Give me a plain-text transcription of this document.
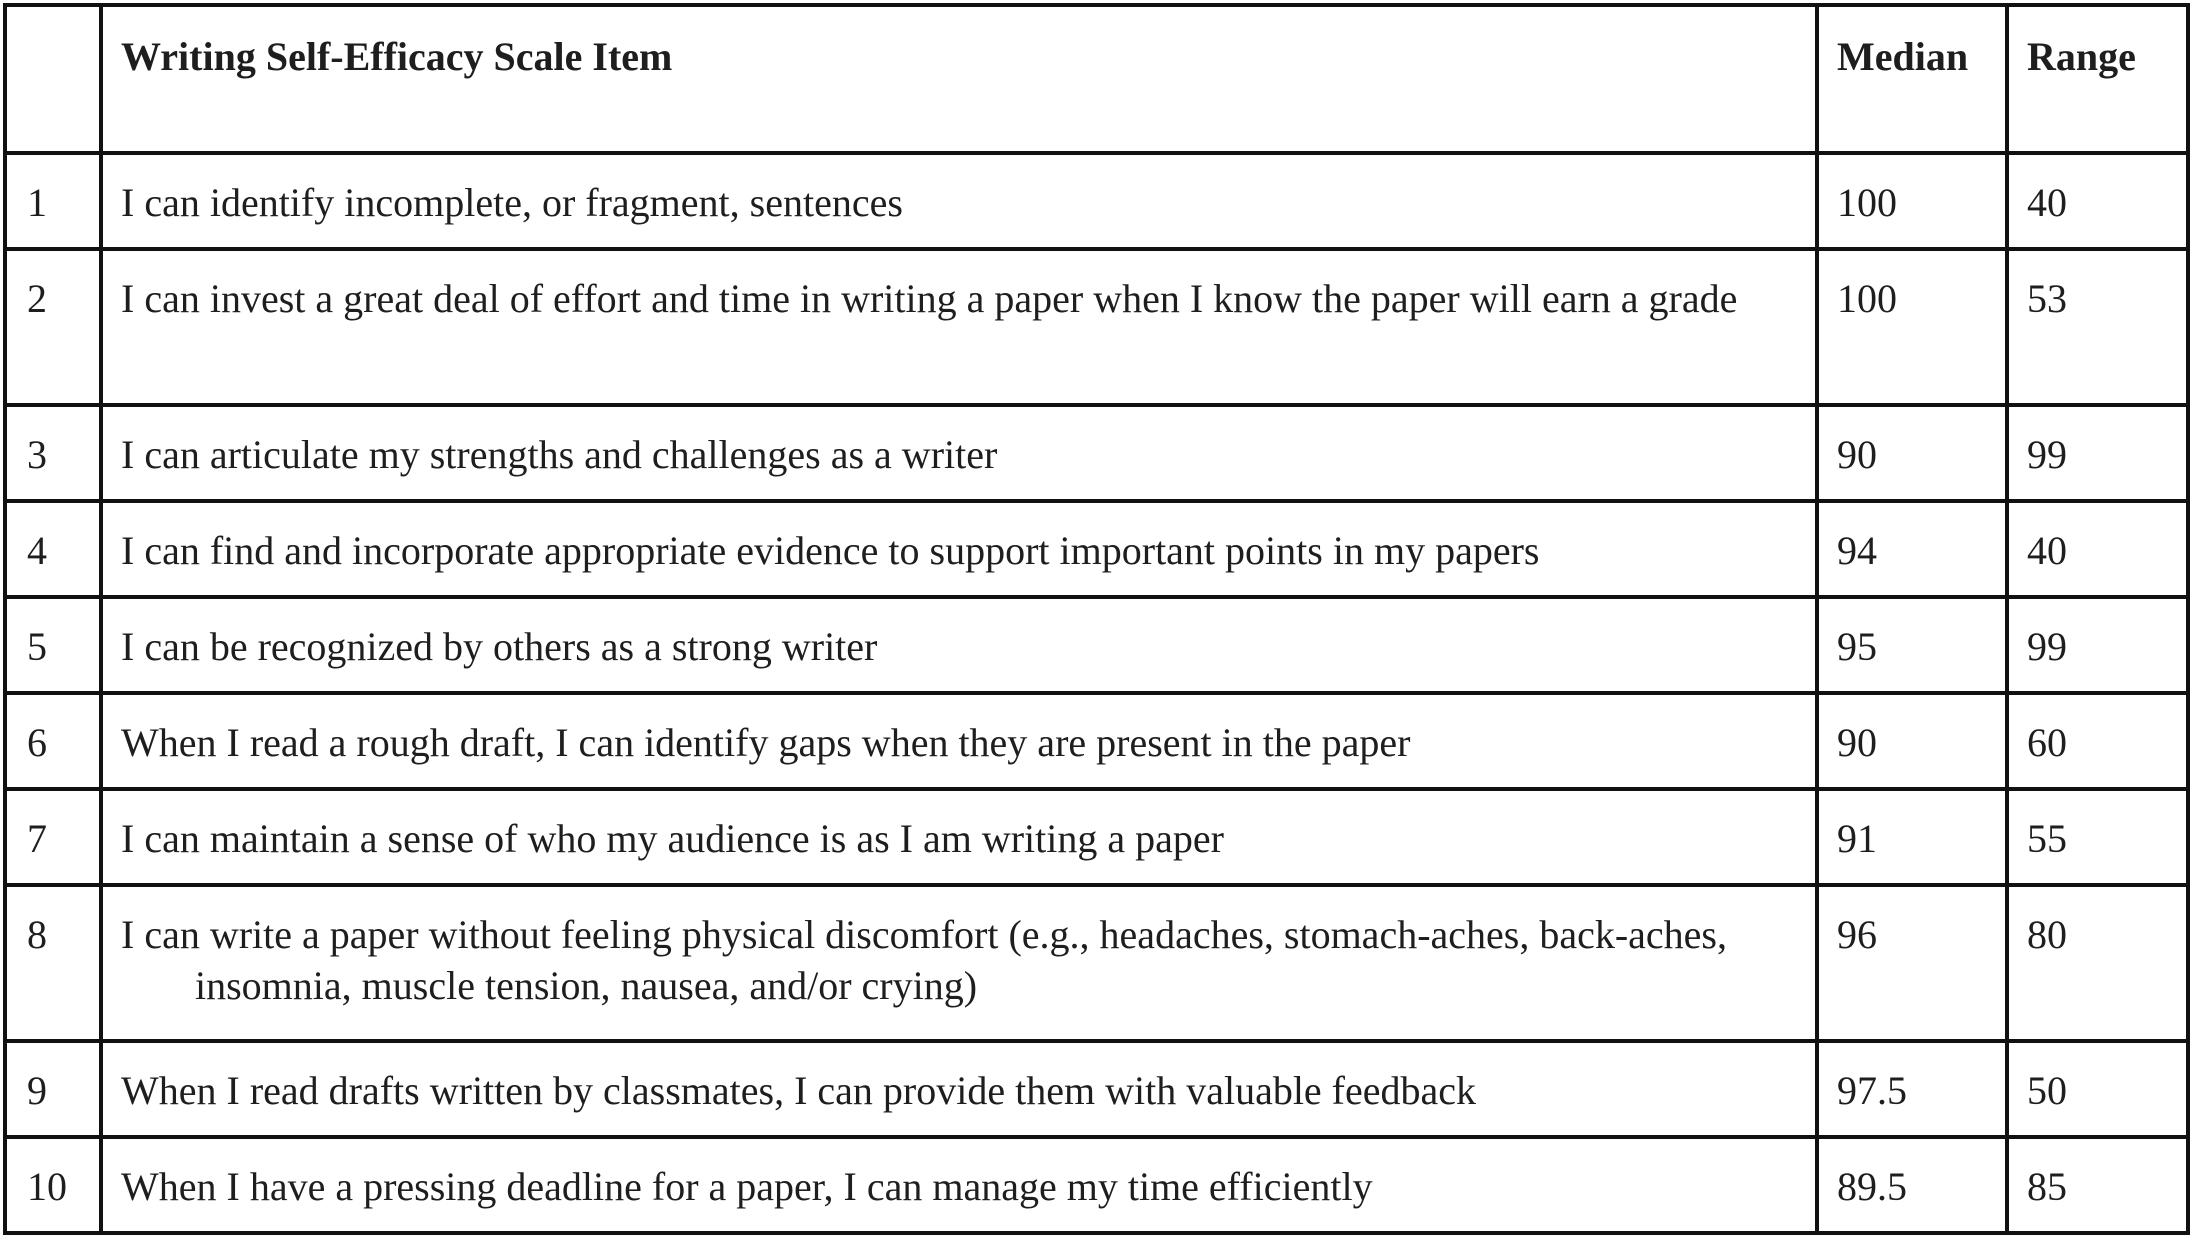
	Writing Self-Efficacy Scale Item	Median	Range
1	I can identify incomplete, or fragment, sentences	100	40
2	I can invest a great deal of effort and time in writing a paper when I know the paper will earn a grade	100	53
3	I can articulate my strengths and challenges as a writer	90	99
4	I can find and incorporate appropriate evidence to support important points in my papers	94	40
5	I can be recognized by others as a strong writer	95	99
6	When I read a rough draft, I can identify gaps when they are present in the paper	90	60
7	I can maintain a sense of who my audience is as I am writing a paper	91	55
8	I can write a paper without feeling physical discomfort (e.g., headaches, stomach-aches, back-aches, insomnia, muscle tension, nausea, and/or crying)	96	80
9	When I read drafts written by classmates, I can provide them with valuable feedback	97.5	50
10	When I have a pressing deadline for a paper, I can manage my time efficiently	89.5	85
